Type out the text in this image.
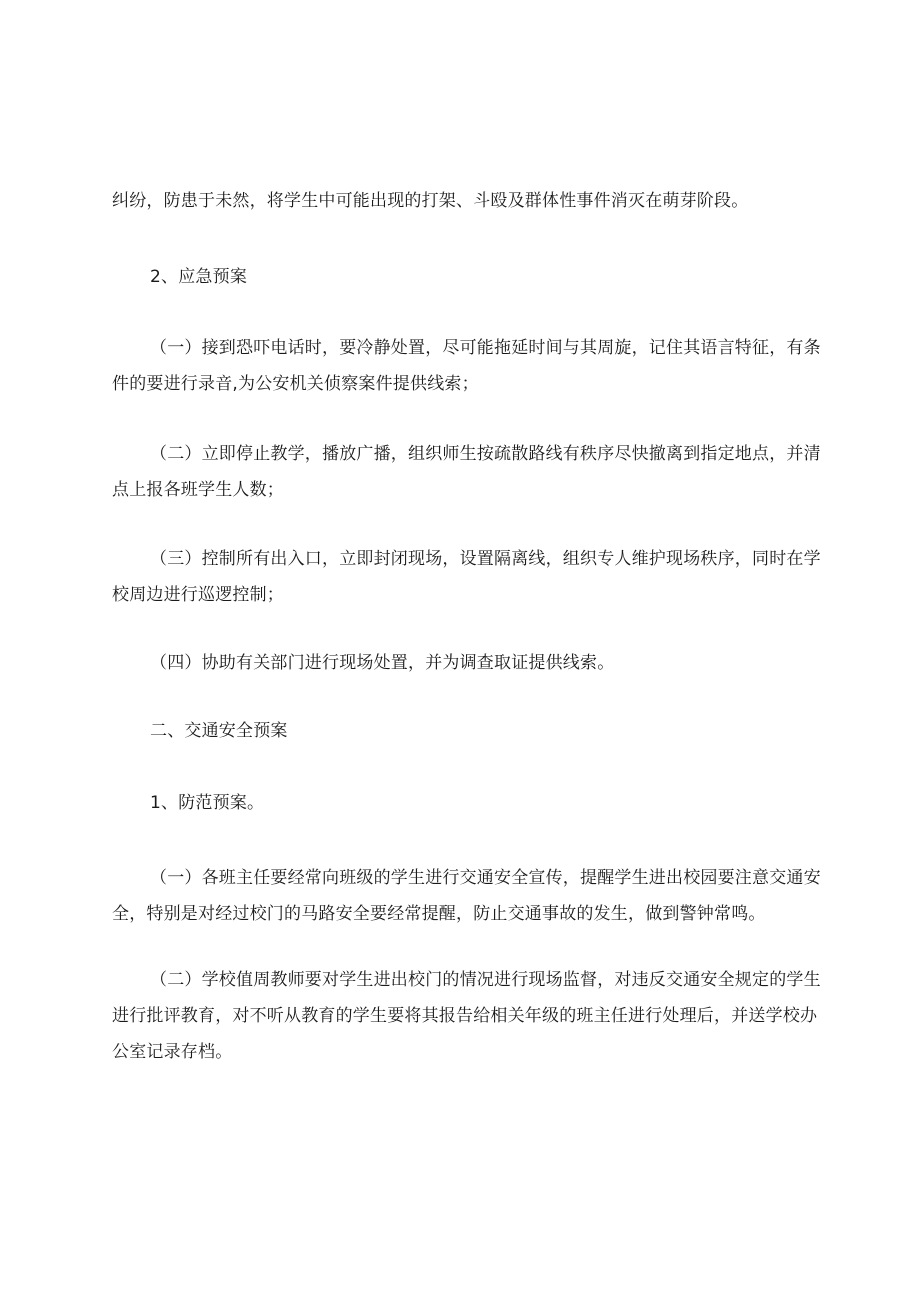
纠纷，防患于未然，将学生中可能出现的打架、斗殴及群体性事件消灭在萌芽阶段。

2、应急预案

（一）接到恐吓电话时，要冷静处置，尽可能拖延时间与其周旋，记住其语言特征，有条件的要进行录音,为公安机关侦察案件提供线索；

（二）立即停止教学，播放广播，组织师生按疏散路线有秩序尽快撤离到指定地点，并清点上报各班学生人数；

（三）控制所有出入口，立即封闭现场，设置隔离线，组织专人维护现场秩序，同时在学校周边进行巡逻控制；

（四）协助有关部门进行现场处置，并为调查取证提供线索。

二、交通安全预案

1、防范预案。

（一）各班主任要经常向班级的学生进行交通安全宣传，提醒学生进出校园要注意交通安全，特别是对经过校门的马路安全要经常提醒，防止交通事故的发生，做到警钟常鸣。

（二）学校值周教师要对学生进出校门的情况进行现场监督，对违反交通安全规定的学生进行批评教育，对不听从教育的学生要将其报告给相关年级的班主任进行处理后，并送学校办公室记录存档。
